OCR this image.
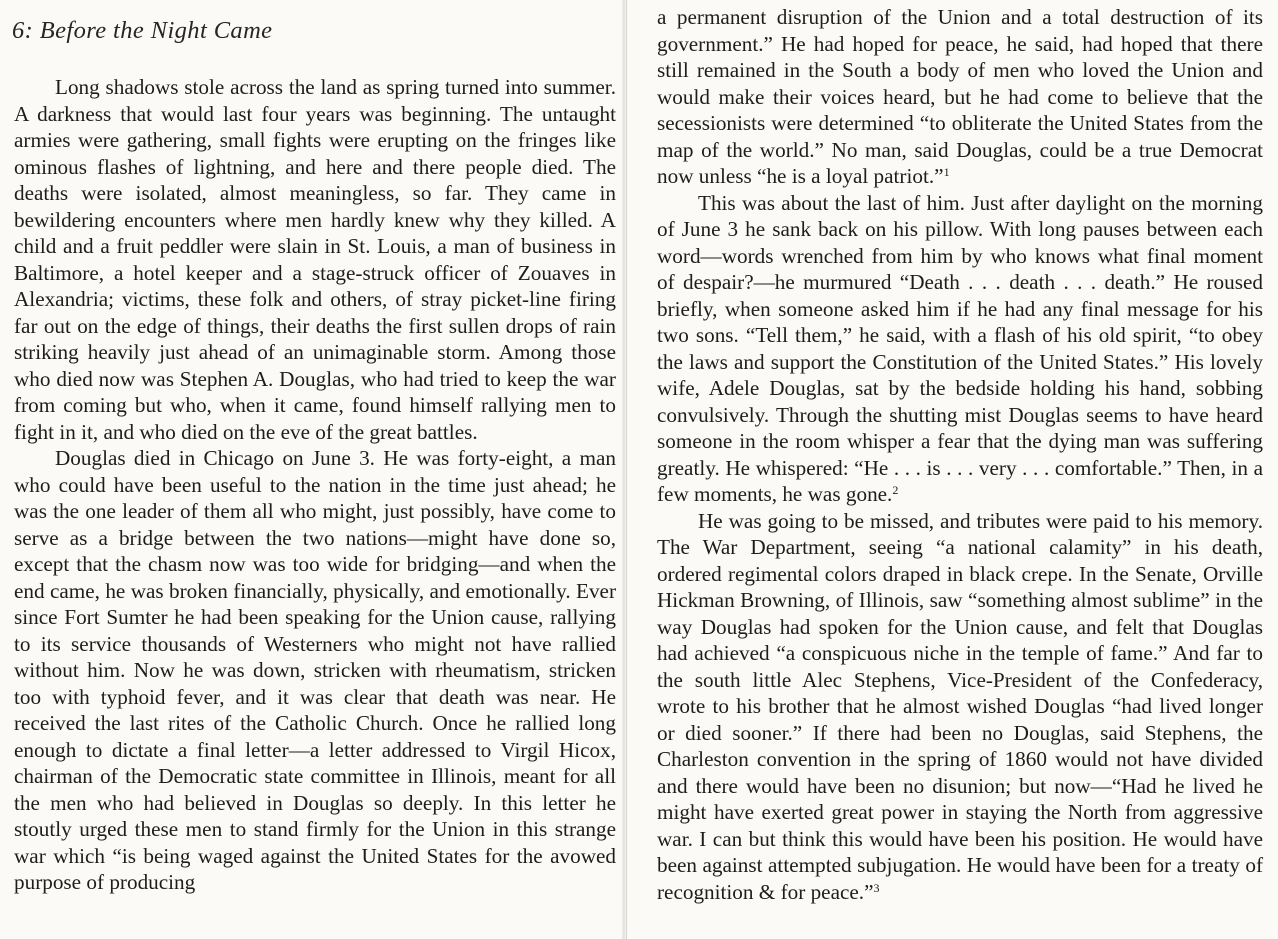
6: Before the Night Came

Long shadows stole across the land as spring turned into summer. A darkness that would last four years was beginning. The untaught armies were gathering, small fights were erupting on the fringes like ominous flashes of lightning, and here and there people died. The deaths were isolated, almost meaningless, so far. They came in bewildering encounters where men hardly knew why they killed. A child and a fruit peddler were slain in St. Louis, a man of business in Baltimore, a hotel keeper and a stage-struck officer of Zouaves in Alexandria; victims, these folk and others, of stray picket-line firing far out on the edge of things, their deaths the first sullen drops of rain striking heavily just ahead of an unimaginable storm. Among those who died now was Stephen A. Douglas, who had tried to keep the war from coming but who, when it came, found himself rallying men to fight in it, and who died on the eve of the great battles.

Douglas died in Chicago on June 3. He was forty-eight, a man who could have been useful to the nation in the time just ahead; he was the one leader of them all who might, just possibly, have come to serve as a bridge between the two nations—might have done so, except that the chasm now was too wide for bridging—and when the end came, he was broken financially, physically, and emotionally. Ever since Fort Sumter he had been speaking for the Union cause, rallying to its service thousands of Westerners who might not have rallied without him. Now he was down, stricken with rheumatism, stricken too with typhoid fever, and it was clear that death was near. He received the last rites of the Catholic Church. Once he rallied long enough to dictate a final letter—a letter addressed to Virgil Hicox, chairman of the Democratic state committee in Illinois, meant for all the men who had believed in Douglas so deeply. In this letter he stoutly urged these men to stand firmly for the Union in this strange war which “is being waged against the United States for the avowed purpose of producing

a permanent disruption of the Union and a total destruction of its government.” He had hoped for peace, he said, had hoped that there still remained in the South a body of men who loved the Union and would make their voices heard, but he had come to believe that the secessionists were determined “to obliterate the United States from the map of the world.” No man, said Douglas, could be a true Democrat now unless “he is a loyal patriot.”$^1$

This was about the last of him. Just after daylight on the morning of June 3 he sank back on his pillow. With long pauses between each word—words wrenched from him by who knows what final moment of despair?—he murmured “Death . . . death . . . death.” He roused briefly, when someone asked him if he had any final message for his two sons. “Tell them,” he said, with a flash of his old spirit, “to obey the laws and support the Constitution of the United States.” His lovely wife, Adele Douglas, sat by the bedside holding his hand, sobbing convulsively. Through the shutting mist Douglas seems to have heard someone in the room whisper a fear that the dying man was suffering greatly. He whispered: “He . . . is . . . very . . . comfortable.” Then, in a few moments, he was gone.$^2$

He was going to be missed, and tributes were paid to his memory. The War Department, seeing “a national calamity” in his death, ordered regimental colors draped in black crepe. In the Senate, Orville Hickman Browning, of Illinois, saw “something almost sublime” in the way Douglas had spoken for the Union cause, and felt that Douglas had achieved “a conspicuous niche in the temple of fame.” And far to the south little Alec Stephens, Vice-President of the Confederacy, wrote to his brother that he almost wished Douglas “had lived longer or died sooner.” If there had been no Douglas, said Stephens, the Charleston convention in the spring of 1860 would not have divided and there would have been no disunion; but now—“Had he lived he might have exerted great power in staying the North from aggressive war. I can but think this would have been his position. He would have been against attempted subjugation. He would have been for a treaty of recognition & for peace.”$^3$
